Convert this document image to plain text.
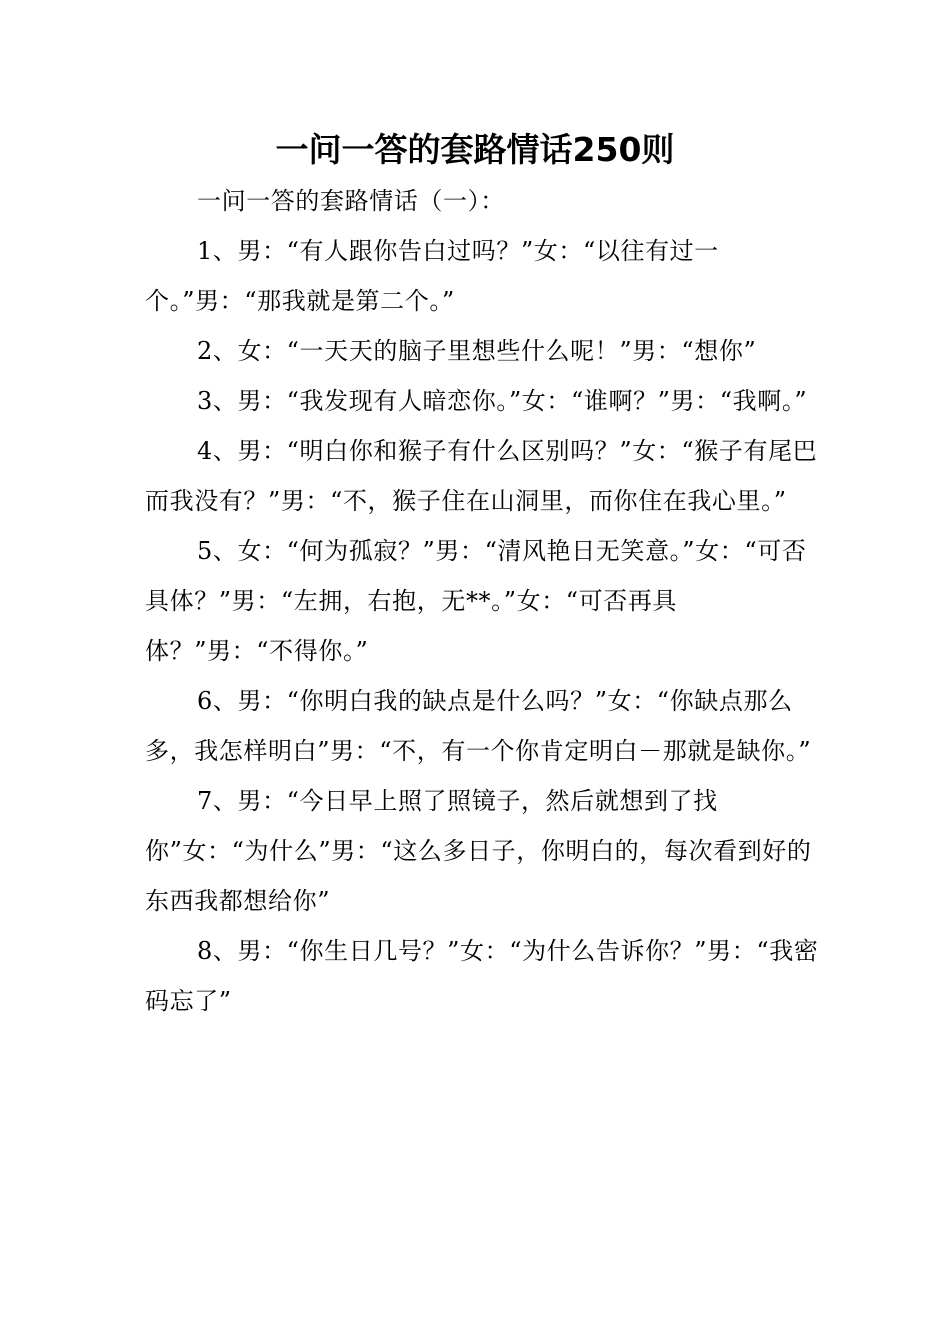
一问一答的套路情话250则

一问一答的套路情话（一）：

1、男：“有人跟你告白过吗？”女：“以往有过一个。”男：“那我就是第二个。”

2、女：“一天天的脑子里想些什么呢！”男：“想你”

3、男：“我发现有人暗恋你。”女：“谁啊？”男：“我啊。”

4、男：“明白你和猴子有什么区别吗？”女：“猴子有尾巴而我没有？”男：“不，猴子住在山洞里，而你住在我心里。”

5、女：“何为孤寂？”男：“清风艳日无笑意。”女：“可否具体？”男：“左拥，右抱，无**。”女：“可否再具体？”男：“不得你。”

6、男：“你明白我的缺点是什么吗？”女：“你缺点那么多，我怎样明白”男：“不，有一个你肯定明白－那就是缺你。”

7、男：“今日早上照了照镜子，然后就想到了找你”女：“为什么”男：“这么多日子，你明白的，每次看到好的东西我都想给你”

8、男：“你生日几号？”女：“为什么告诉你？”男：“我密码忘了”
